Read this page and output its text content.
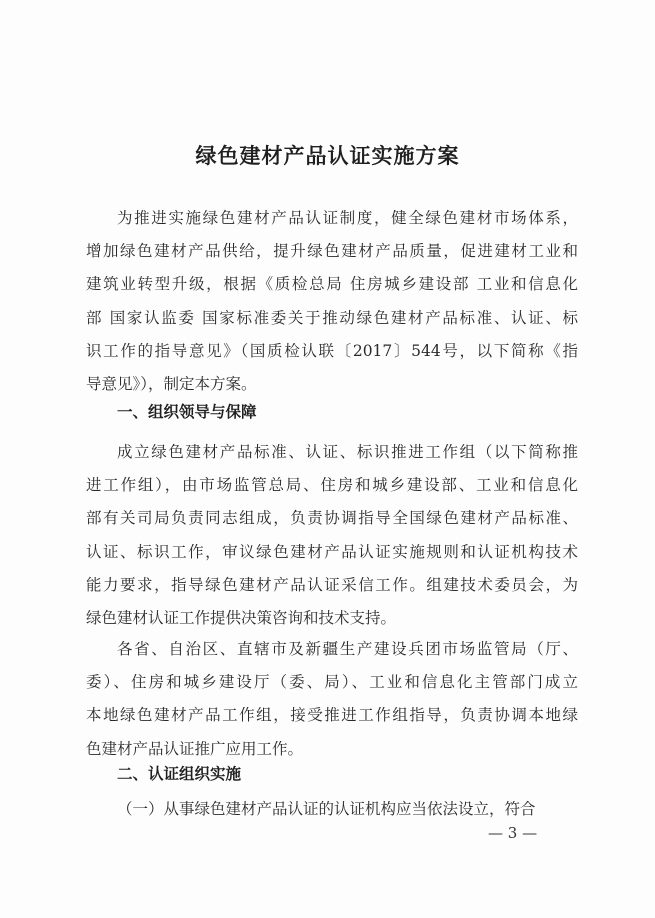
绿色建材产品认证实施方案
为推进实施绿色建材产品认证制度，健全绿色建材市场体系，
增加绿色建材产品供给，提升绿色建材产品质量，促进建材工业和
建筑业转型升级，根据《质检总局 住房城乡建设部 工业和信息化
部 国家认监委 国家标准委关于推动绿色建材产品标准、认证、标
识工作的指导意见》（国质检认联〔2017〕544号，以下简称《指
导意见》），制定本方案。
一、组织领导与保障
成立绿色建材产品标准、认证、标识推进工作组（以下简称推
进工作组），由市场监管总局、住房和城乡建设部、工业和信息化
部有关司局负责同志组成，负责协调指导全国绿色建材产品标准、
认证、标识工作，审议绿色建材产品认证实施规则和认证机构技术
能力要求，指导绿色建材产品认证采信工作。组建技术委员会，为
绿色建材认证工作提供决策咨询和技术支持。
各省、自治区、直辖市及新疆生产建设兵团市场监管局（厅、
委）、住房和城乡建设厅（委、局）、工业和信息化主管部门成立
本地绿色建材产品工作组，接受推进工作组指导，负责协调本地绿
色建材产品认证推广应用工作。
二、认证组织实施
（一）从事绿色建材产品认证的认证机构应当依法设立，符合
— 3 —
